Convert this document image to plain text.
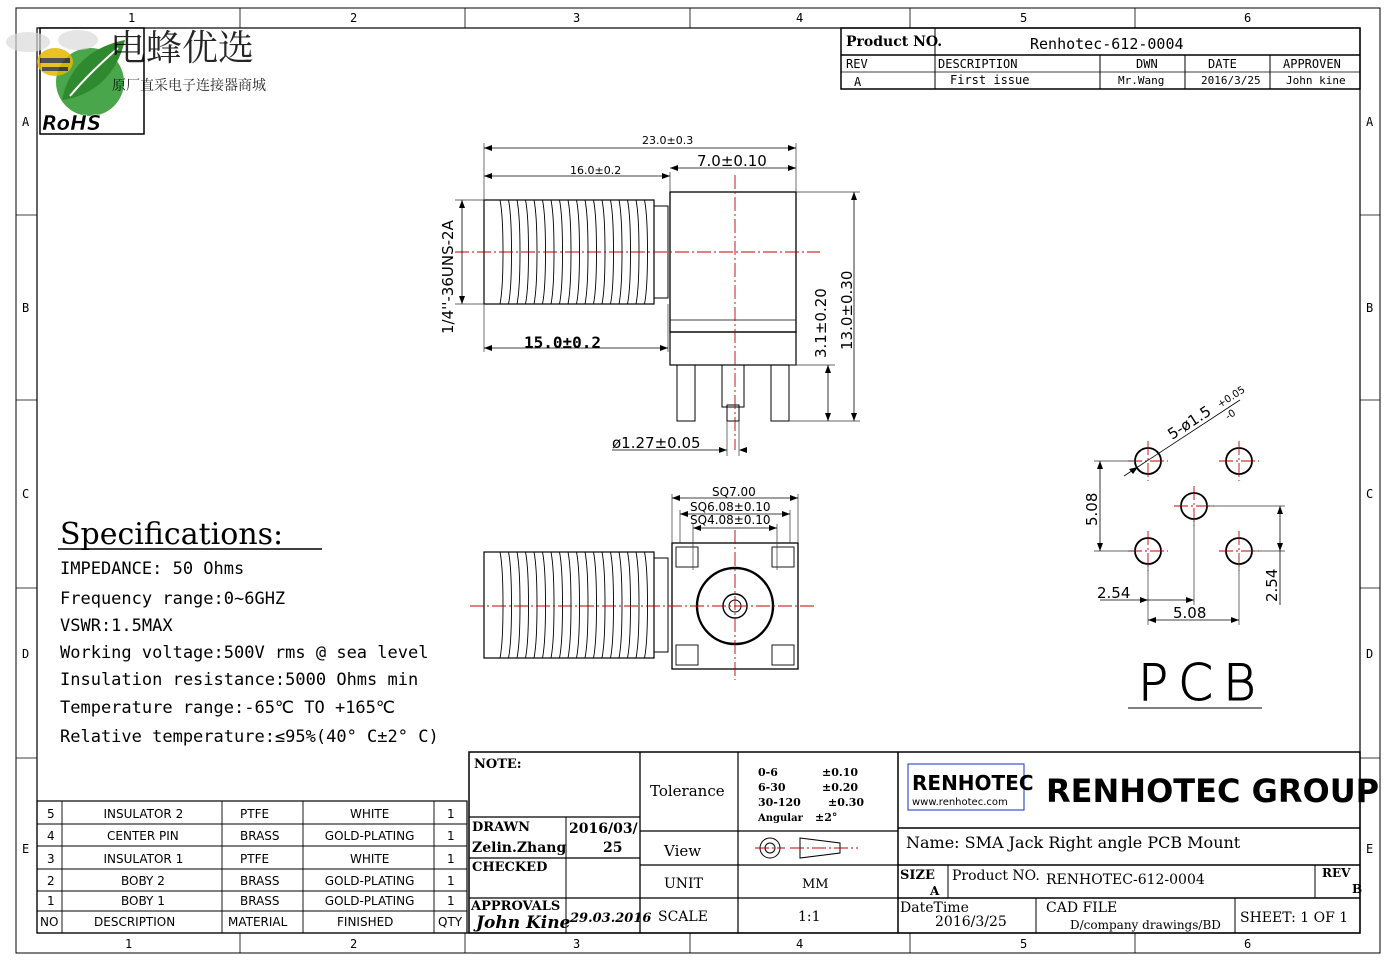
1	2	3	4	5	6
1	2	3	4	5	6
A
B
C
D
E
A
B
C
D
E
RoHS
电蜂优选
原厂直采电子连接器商城
Product NO.	Renhotec-612-0004
REV	DESCRIPTION	DWN	DATE	APPROVEN
A	First issue	Mr.Wang	2016/3/25 John kine
23.0±0.3
16.0±0.2
7.0±0.10
1/4''-36UNS-2A
15.0±0.2	3.1±0.20 13.0±0.30
ø1.27±0.05
SQ7.00
SQ6.08±0.10
SQ4.08±0.10
5-ø1.5
+0.05
-0
5.08
2.54
5.08
2.54
PCB
Specifications:
IMPEDANCE: 50 Ohms
Frequency range:0~6GHZ
VSWR:1.5MAX
Working voltage:500V rms @ sea level
Insulation resistance:5000 Ohms min
Temperature range:-65℃ TO +165℃
Relative temperature:≤95%(40° C±2° C)
5	INSULATOR 2	PTFE	WHITE	1
4	CENTER PIN	BRASS	GOLD-PLATING	1
3	INSULATOR 1	PTFE	WHITE	1
2	BOBY 2	BRASS	GOLD-PLATING	1
1	BOBY 1	BRASS	GOLD-PLATING	1
NO	DESCRIPTION	MATERIAL	FINISHED	QTY
NOTE:
DRAWN
Zelin.Zhang
2016/03/
25
CHECKED
APPROVALS
John Kine 29.03.2016
Tolerance
0-6	±0.10
6-30	±0.20
30-120 ±0.30
Angular ±2°
View
UNIT	MM
SCALE	1:1
RENHOTEC
www.renhotec.com RENHOTEC GROUP
Name: SMA Jack Right angle PCB Mount
SIZE
A
Product NO. RENHOTEC-612-0004	REV
B
DateTime
2016/3/25
CAD FILE
D/company drawings/BD SHEET: 1 OF 1
